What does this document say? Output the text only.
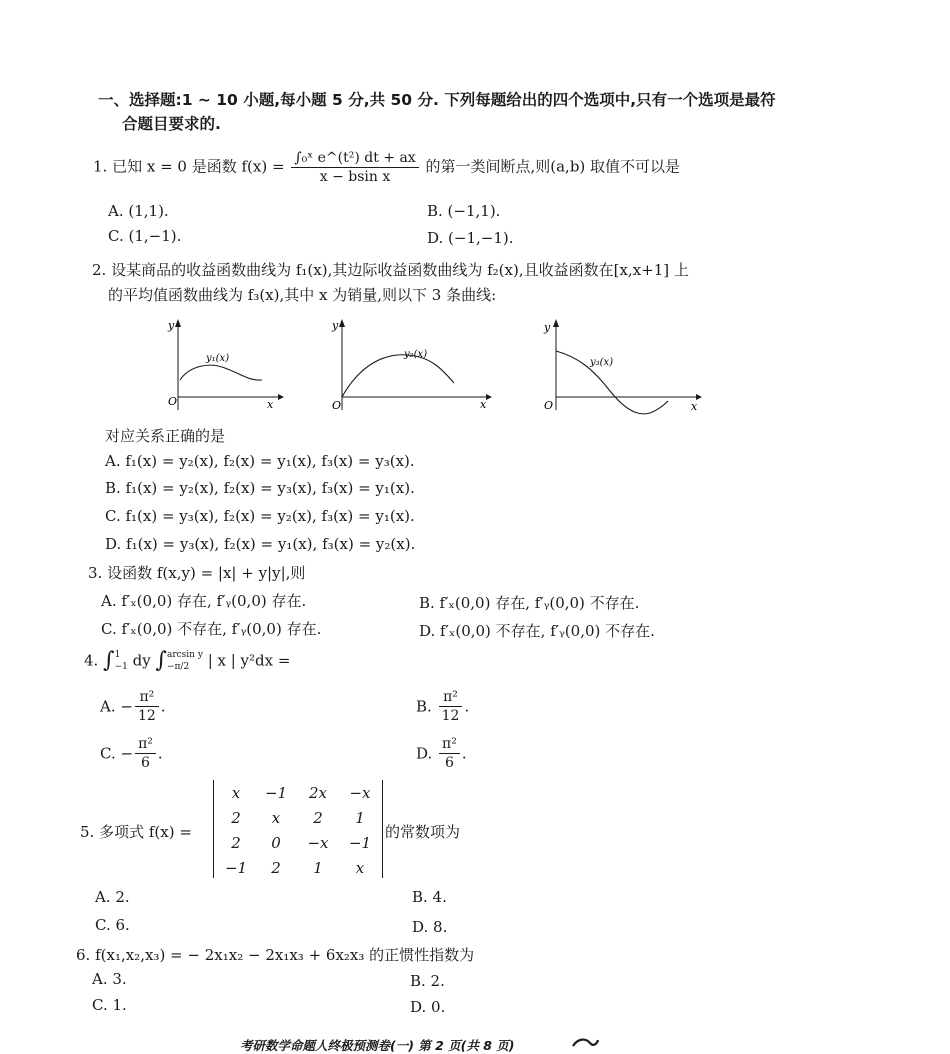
一、选择题:1 ~ 10 小题,每小题 5 分,共 50 分. 下列每题给出的四个选项中,只有一个选项是最符
合题目要求的.
1. 已知 x = 0 是函数 $f(x) = \frac{\text{∫₀ˣ e\textasciicircum{}(t²) dt + ax}}{\text{x − bsin x}}$ 的第一类间断点,则(a,b) 取值不可以是
A. (1,1).	B. (−1,1).
C. (1,−1).	D. (−1,−1).
2. 设某商品的收益函数曲线为 f₁(x),其边际收益函数曲线为 f₂(x),且收益函数在[x,x+1] 上
的平均值函数曲线为 f₃(x),其中 x 为销量,则以下 3 条曲线:
y
x
O
y₁(x)
y
x
O
y₂(x)
y
x
O
y₃(x)
对应关系正确的是
A. f₁(x) = y₂(x), f₂(x) = y₁(x), f₃(x) = y₃(x).
B. f₁(x) = y₂(x), f₂(x) = y₃(x), f₃(x) = y₁(x).
C. f₁(x) = y₃(x), f₂(x) = y₂(x), f₃(x) = y₁(x).
D. f₁(x) = y₃(x), f₂(x) = y₁(x), f₃(x) = y₂(x).
3. 设函数 f(x,y) = |x| + y|y|,则
A. f′ₓ(0,0) 存在, f′ᵧ(0,0) 存在.	B. f′ₓ(0,0) 存在, f′ᵧ(0,0) 不存在.
C. f′ₓ(0,0) 不存在, f′ᵧ(0,0) 存在.	D. f′ₓ(0,0) 不存在, f′ᵧ(0,0) 不存在.
4. ∫ 1
−1 dy ∫ arcsin y
−π/2	| x | y²dx =
A. − $\frac{\text{π²}}{12}$ .	B. $\frac{\text{π²}}{12}$ .
C. − $\frac{\text{π²}}{6}$ .	D. $\frac{\text{π²}}{6}$ .
5. 多项式 f(x) =
x	−1	2x	−x
2	x	2	1
2	0	−x	−1
−1	2	1	x
的常数项为
A. 2.	B. 4.
C. 6.	D. 8.
6. f(x₁,x₂,x₃) = − 2x₁x₂ − 2x₁x₃ + 6x₂x₃ 的正惯性指数为
A. 3.	B. 2.
C. 1.	D. 0.
考研数学命题人终极预测卷(一) 第 2 页(共 8 页)
